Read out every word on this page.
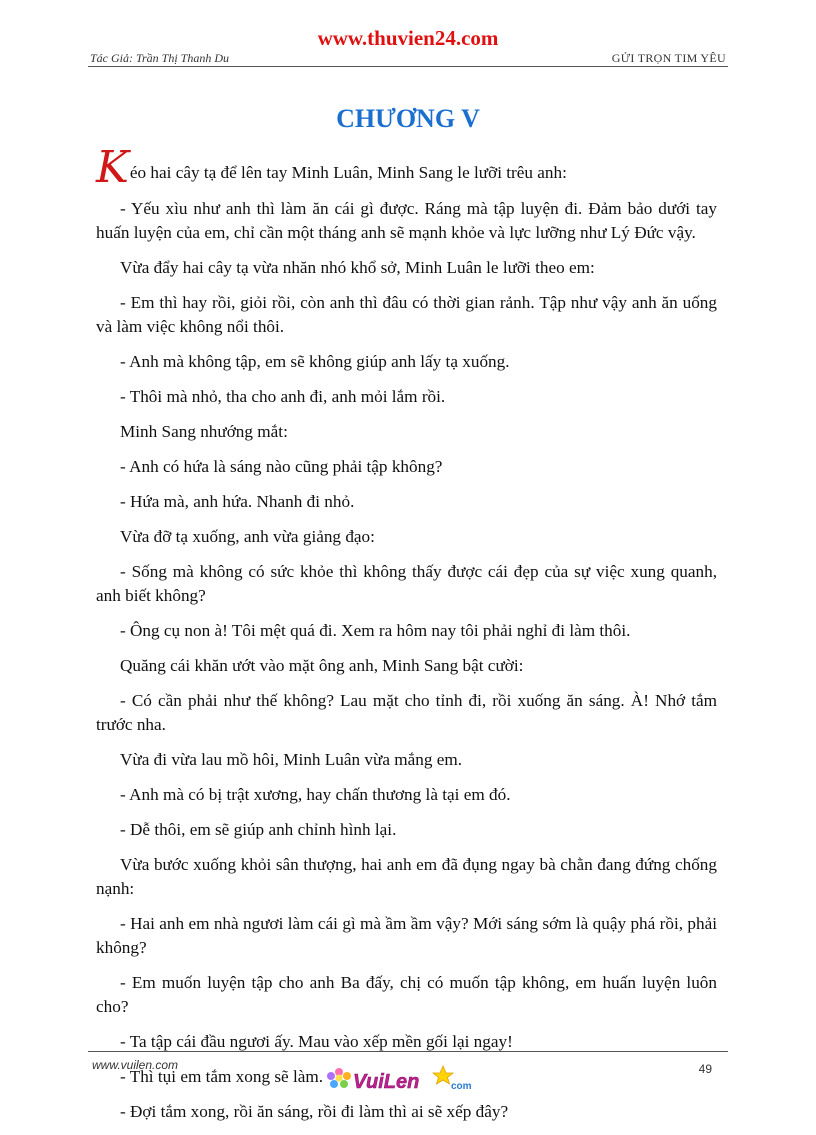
www.thuvien24.com
Tác Giả: Trần Thị Thanh Du	GỬI TRỌN TIM YÊU
CHƯƠNG V

Kéo hai cây tạ để lên tay Minh Luân, Minh Sang le lưỡi trêu anh:

- Yếu xìu như anh thì làm ăn cái gì được. Ráng mà tập luyện đi. Đảm bảo dưới tay huấn luyện của em, chỉ cần một tháng anh sẽ mạnh khỏe và lực lưỡng như Lý Đức vậy.

Vừa đẩy hai cây tạ vừa nhăn nhó khổ sở, Minh Luân le lưỡi theo em:

- Em thì hay rồi, giỏi rồi, còn anh thì đâu có thời gian rảnh. Tập như vậy anh ăn uống và làm việc không nổi thôi.

- Anh mà không tập, em sẽ không giúp anh lấy tạ xuống.

- Thôi mà nhỏ, tha cho anh đi, anh mỏi lắm rồi.

Minh Sang nhướng mắt:

- Anh có hứa là sáng nào cũng phải tập không?

- Hứa mà, anh hứa. Nhanh đi nhỏ.

Vừa đỡ tạ xuống, anh vừa giảng đạo:

- Sống mà không có sức khỏe thì không thấy được cái đẹp của sự việc xung quanh, anh biết không?

- Ông cụ non à! Tôi mệt quá đi. Xem ra hôm nay tôi phải nghỉ đi làm thôi.

Quăng cái khăn ướt vào mặt ông anh, Minh Sang bật cười:

- Có cần phải như thế không? Lau mặt cho tỉnh đi, rồi xuống ăn sáng. À! Nhớ tắm trước nha.

Vừa đi vừa lau mồ hôi, Minh Luân vừa mắng em.

- Anh mà có bị trật xương, hay chấn thương là tại em đó.

- Dễ thôi, em sẽ giúp anh chỉnh hình lại.

Vừa bước xuống khỏi sân thượng, hai anh em đã đụng ngay bà chằn đang đứng chống nạnh:

- Hai anh em nhà ngươi làm cái gì mà ầm ầm vậy? Mới sáng sớm là quậy phá rồi, phải không?

- Em muốn luyện tập cho anh Ba đấy, chị có muốn tập không, em huấn luyện luôn cho?

- Ta tập cái đầu ngươi ấy. Mau vào xếp mền gối lại ngay!

- Thì tụi em tắm xong sẽ làm.

- Đợi tắm xong, rồi ăn sáng, rồi đi làm thì ai sẽ xếp đây?

www.vuilen.com	49
VuiLen	com
